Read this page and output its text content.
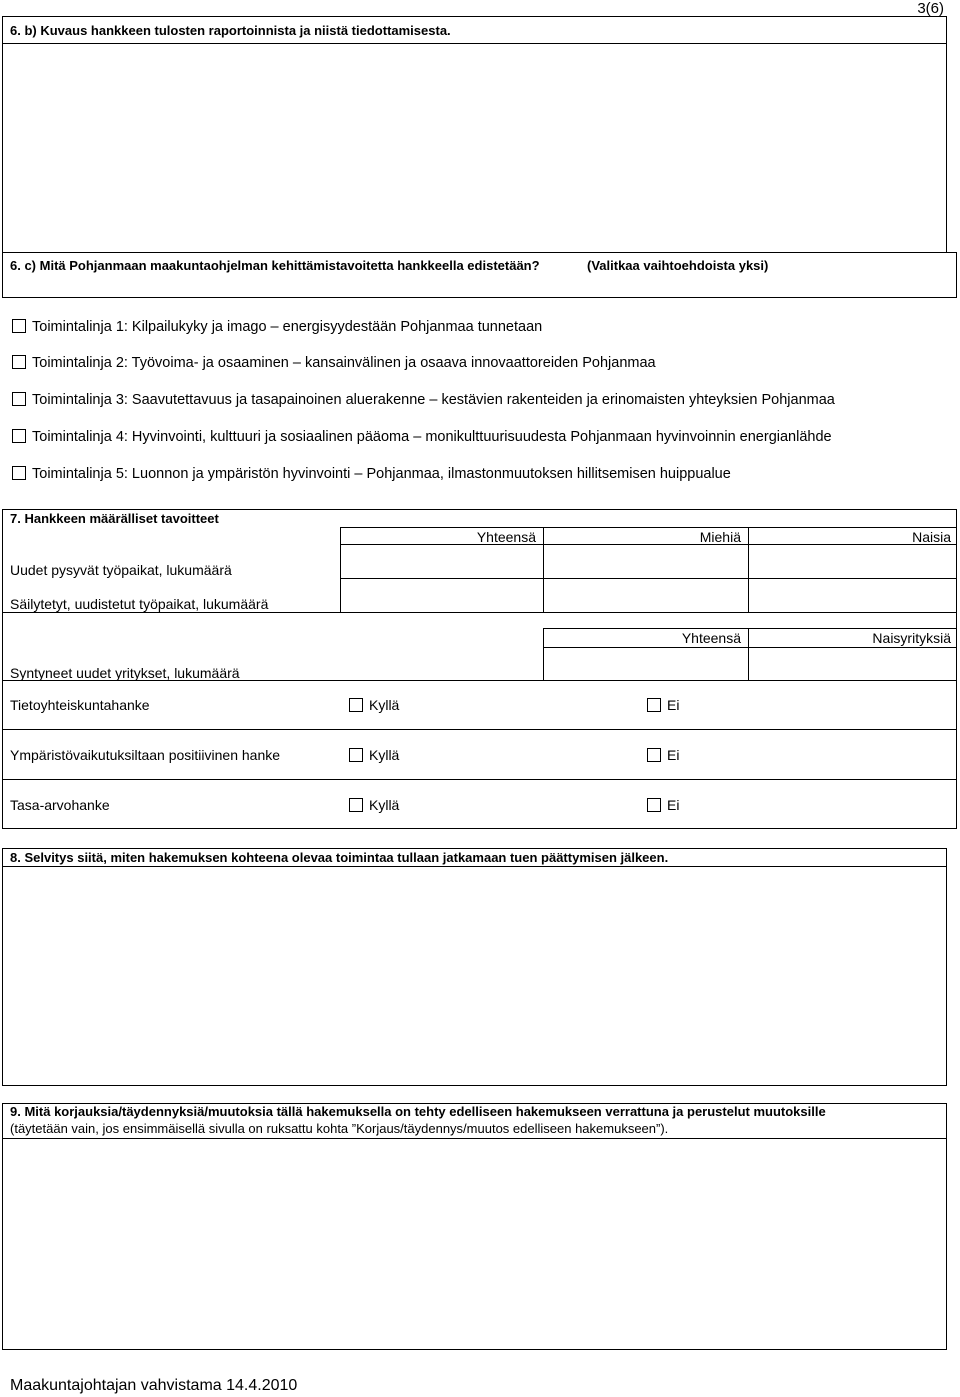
3(6)
6. b) Kuvaus hankkeen tulosten raportoinnista ja niistä tiedottamisesta.
6. c) Mitä Pohjanmaan maakuntaohjelman kehittämistavoitetta hankkeella edistetään?	(Valitkaa vaihtoehdoista yksi)
Toimintalinja 1: Kilpailukyky ja imago – energisyydestään Pohjanmaa tunnetaan
Toimintalinja 2: Työvoima- ja osaaminen – kansainvälinen ja osaava innovaattoreiden Pohjanmaa
Toimintalinja 3: Saavutettavuus ja tasapainoinen aluerakenne – kestävien rakenteiden ja erinomaisten yhteyksien Pohjanmaa
Toimintalinja 4: Hyvinvointi, kulttuuri ja sosiaalinen pääoma – monikulttuurisuudesta Pohjanmaan hyvinvoinnin energianlähde
Toimintalinja 5: Luonnon ja ympäristön hyvinvointi – Pohjanmaa, ilmastonmuutoksen hillitsemisen huippualue
7. Hankkeen määrälliset tavoitteet
Yhteensä	Miehiä	Naisia
Uudet pysyvät työpaikat, lukumäärä
Säilytetyt, uudistetut työpaikat, lukumäärä
Yhteensä	Naisyrityksiä
Syntyneet uudet yritykset, lukumäärä
Tietoyhteiskuntahanke	Kyllä	Ei
Ympäristövaikutuksiltaan positiivinen hanke	Kyllä	Ei
Tasa-arvohanke	Kyllä	Ei
8. Selvitys siitä, miten hakemuksen kohteena olevaa toimintaa tullaan jatkamaan tuen päättymisen jälkeen.
9. Mitä korjauksia/täydennyksiä/muutoksia tällä hakemuksella on tehty edelliseen hakemukseen verrattuna ja perustelut muutoksille
(täytetään vain, jos ensimmäisellä sivulla on ruksattu kohta ”Korjaus/täydennys/muutos edelliseen hakemukseen”).
Maakuntajohtajan vahvistama 14.4.2010
